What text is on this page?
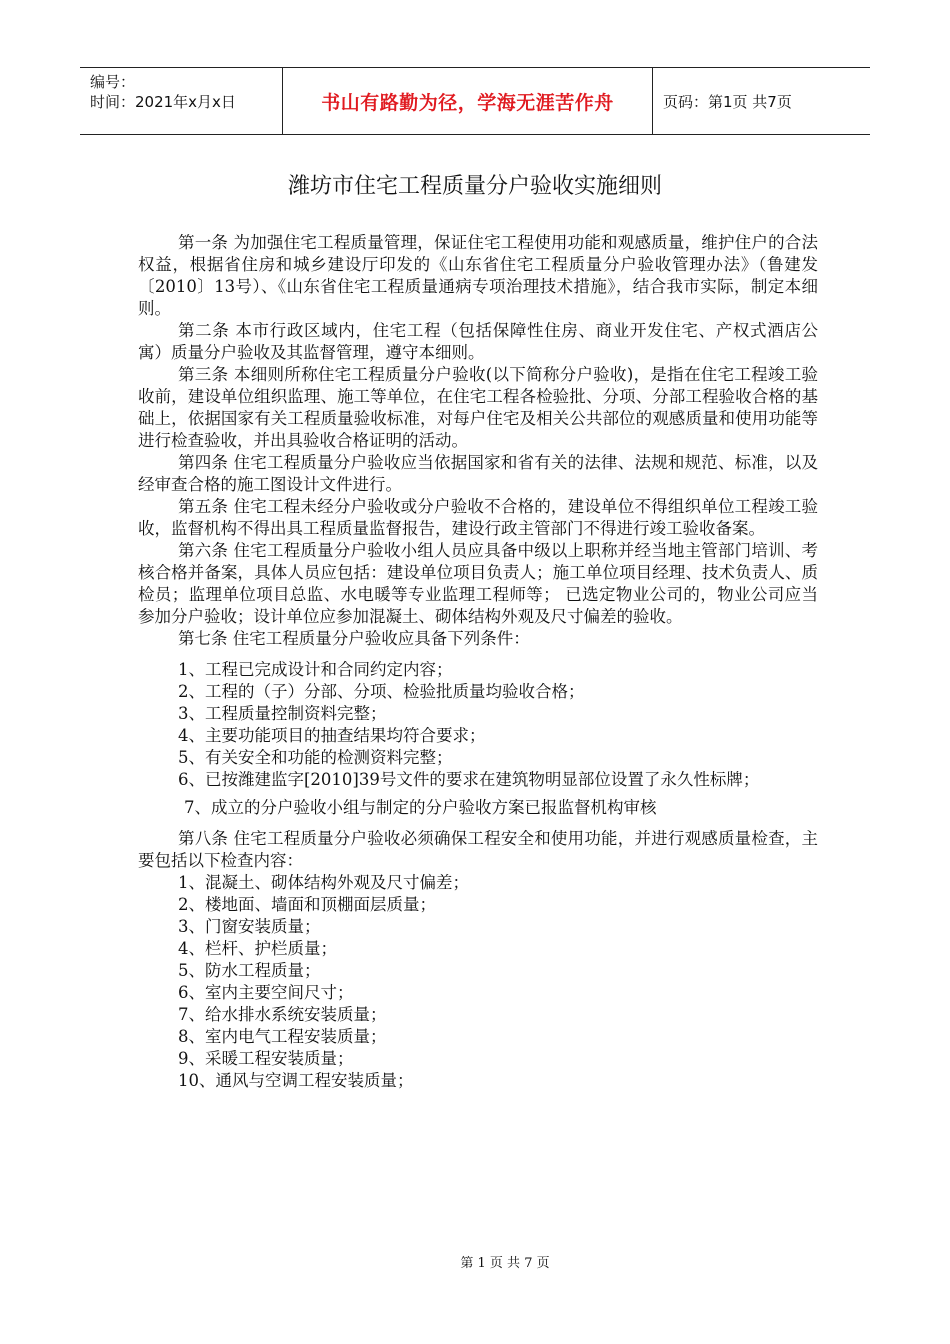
编号：
时间：2021年x月x日	书山有路勤为径，学海无涯苦作舟	页码：第1页 共7页
潍坊市住宅工程质量分户验收实施细则

第一条 为加强住宅工程质量管理，保证住宅工程使用功能和观感质量，维护住户的合法权益，根据省住房和城乡建设厅印发的《山东省住宅工程质量分户验收管理办法》（鲁建发〔2010〕13号）、《山东省住宅工程质量通病专项治理技术措施》，结合我市实际，制定本细则。

第二条 本市行政区域内，住宅工程（包括保障性住房、商业开发住宅、产权式酒店公寓）质量分户验收及其监督管理，遵守本细则。

第三条 本细则所称住宅工程质量分户验收(以下简称分户验收)，是指在住宅工程竣工验收前，建设单位组织监理、施工等单位，在住宅工程各检验批、分项、分部工程验收合格的基础上，依据国家有关工程质量验收标准，对每户住宅及相关公共部位的观感质量和使用功能等进行检查验收，并出具验收合格证明的活动。

第四条 住宅工程质量分户验收应当依据国家和省有关的法律、法规和规范、标准，以及经审查合格的施工图设计文件进行。

第五条 住宅工程未经分户验收或分户验收不合格的，建设单位不得组织单位工程竣工验收，监督机构不得出具工程质量监督报告，建设行政主管部门不得进行竣工验收备案。

第六条 住宅工程质量分户验收小组人员应具备中级以上职称并经当地主管部门培训、考核合格并备案，具体人员应包括：建设单位项目负责人；施工单位项目经理、技术负责人、质检员；监理单位项目总监、水电暖等专业监理工程师等； 已选定物业公司的，物业公司应当参加分户验收；设计单位应参加混凝土、砌体结构外观及尺寸偏差的验收。

第七条 住宅工程质量分户验收应具备下列条件：

1、工程已完成设计和合同约定内容；

2、工程的（子）分部、分项、检验批质量均验收合格；

3、工程质量控制资料完整；

4、主要功能项目的抽查结果均符合要求；

5、有关安全和功能的检测资料完整；

6、已按潍建监字[2010]39号文件的要求在建筑物明显部位设置了永久性标牌；

7、成立的分户验收小组与制定的分户验收方案已报监督机构审核

第八条 住宅工程质量分户验收必须确保工程安全和使用功能，并进行观感质量检查，主要包括以下检查内容：

1、混凝土、砌体结构外观及尺寸偏差；

2、楼地面、墙面和顶棚面层质量；

3、门窗安装质量；

4、栏杆、护栏质量；

5、防水工程质量；

6、室内主要空间尺寸；

7、给水排水系统安装质量；

8、室内电气工程安装质量；

9、采暖工程安装质量；

10、通风与空调工程安装质量；

第 1 页 共 7 页
